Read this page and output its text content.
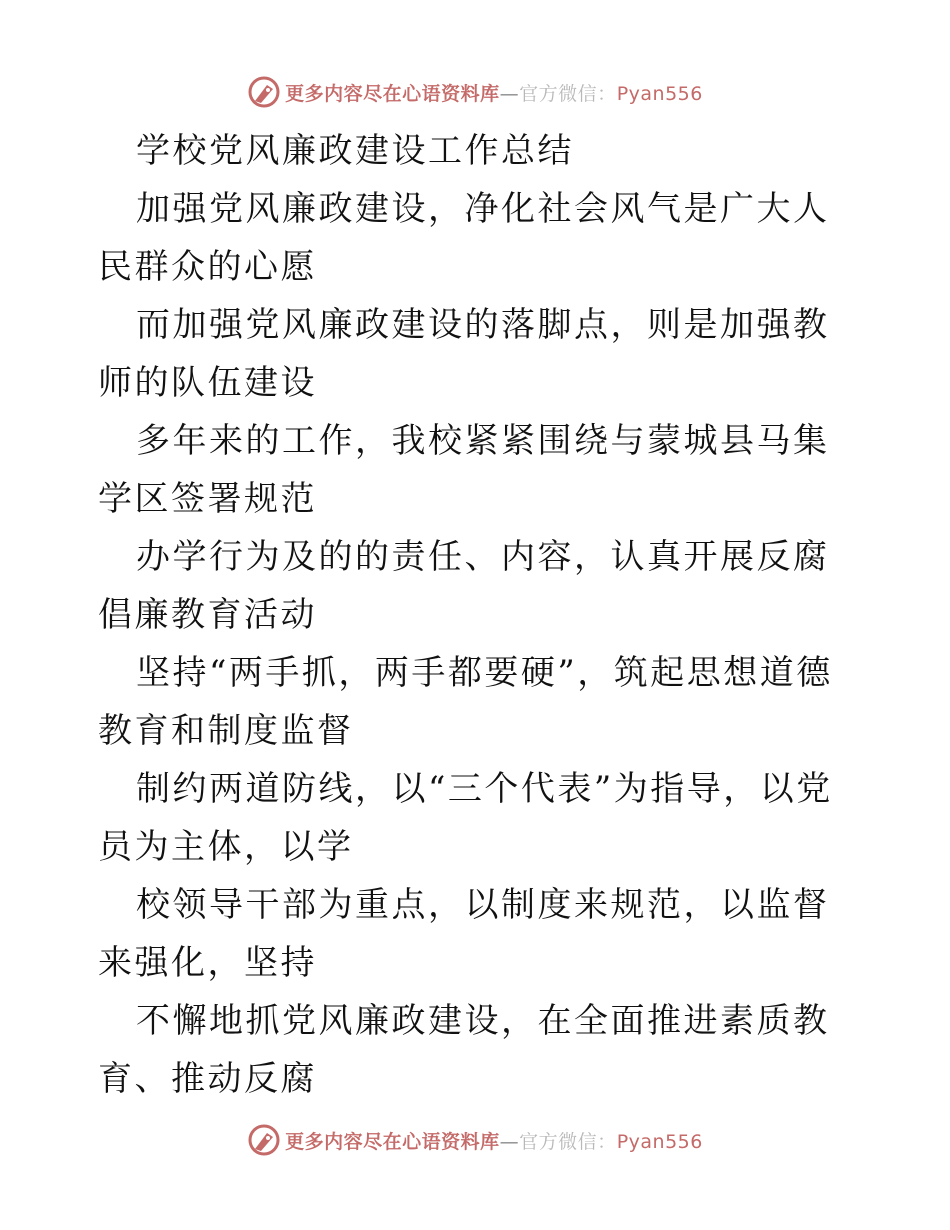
更多内容尽在心语资料库—官方微信：Pyan556

学校党风廉政建设工作总结

加强党风廉政建设，净化社会风气是广大人民群众的心愿

而加强党风廉政建设的落脚点，则是加强教师的队伍建设

多年来的工作，我校紧紧围绕与蒙城县马集学区签署规范

办学行为及的的责任、内容，认真开展反腐倡廉教育活动

坚持“两手抓，两手都要硬”，筑起思想道德教育和制度监督

制约两道防线，以“三个代表”为指导，以党员为主体，以学

校领导干部为重点，以制度来规范，以监督来强化，坚持

不懈地抓党风廉政建设，在全面推进素质教育、推动反腐

更多内容尽在心语资料库—官方微信：Pyan556
